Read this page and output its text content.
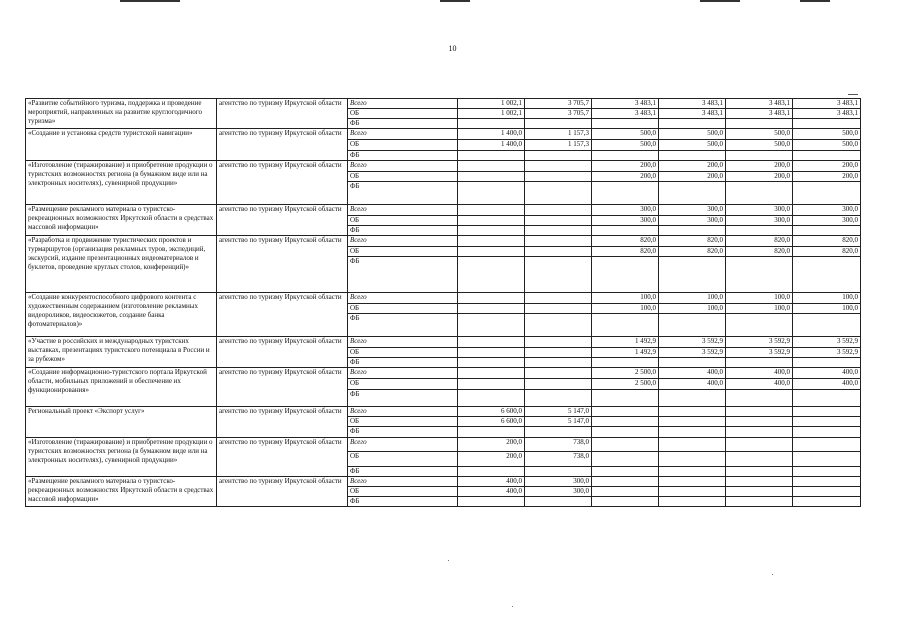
10
«Развитие событийного туризма, поддержка и проведение мероприятий, направленных на развитие круглогодичного туризма»	агентство по туризму Иркутской области	Всего	1 002,1	3 705,7	3 483,1	3 483,1	3 483,1	3 483,1
		ОБ	1 002,1	3 705,7	3 483,1	3 483,1	3 483,1	3 483,1
		ФБ						
«Создание и установка средств туристской навигации»	агентство по туризму Иркутской области	Всего	1 400,0	1 157,3	500,0	500,0	500,0	500,0
		ОБ	1 400,0	1 157,3	500,0	500,0	500,0	500,0
		ФБ						
«Изготовление (тиражирование) и приобретение продукции о туристских возможностях региона (в бумажном виде или на электронных носителях), сувенирной продукции»	агентство по туризму Иркутской области	Всего			200,0	200,0	200,0	200,0
		ОБ			200,0	200,0	200,0	200,0
		ФБ						
«Размещение рекламного материала о туристско-рекреационных возможностях Иркутской области в средствах массовой информации»	агентство по туризму Иркутской области	Всего			300,0	300,0	300,0	300,0
		ОБ			300,0	300,0	300,0	300,0
		ФБ						
«Разработка и продвижение туристических проектов и турмаршрутов (организация рекламных туров, экспедиций, экскурсий, издание презентационных видеоматериалов и буклетов, проведение круглых столов, конференций)»	агентство по туризму Иркутской области	Всего			820,0	820,0	820,0	820,0
		ОБ			820,0	820,0	820,0	820,0
		ФБ						
«Создание конкурентоспособного цифрового контента с художественным содержанием (изготовление рекламных видеороликов, видеосюжетов, создание банка фотоматериалов)»	агентство по туризму Иркутской области	Всего			100,0	100,0	100,0	100,0
		ОБ			100,0	100,0	100,0	100,0
		ФБ						
«Участие в российских и международных туристских выставках, презентациях туристского потенциала в России и за рубежом»	агентство по туризму Иркутской области	Всего			1 492,9	3 592,9	3 592,9	3 592,9
		ОБ			1 492,9	3 592,9	3 592,9	3 592,9
		ФБ						
«Создание информационно-туристского портала Иркутской области, мобильных приложений и обеспечение их функционирования»	агентство по туризму Иркутской области	Всего			2 500,0	400,0	400,0	400,0
		ОБ			2 500,0	400,0	400,0	400,0
		ФБ						
Региональный проект «Экспорт услуг»	агентство по туризму Иркутской области	Всего	6 600,0	5 147,0				
		ОБ	6 600,0	5 147,0				
		ФБ						
«Изготовление (тиражирование) и приобретение продукции о туристских возможностях региона (в бумажном виде или на электронных носителях), сувенирной продукции»	агентство по туризму Иркутской области	Всего	200,0	738,0				
		ОБ	200,0	738,0				
		ФБ						
«Размещение рекламного материала о туристско-рекреационных возможностях Иркутской области в средствах массовой информации»	агентство по туризму Иркутской области	Всего	400,0	300,0				
		ОБ	400,0	300,0				
		ФБ						
